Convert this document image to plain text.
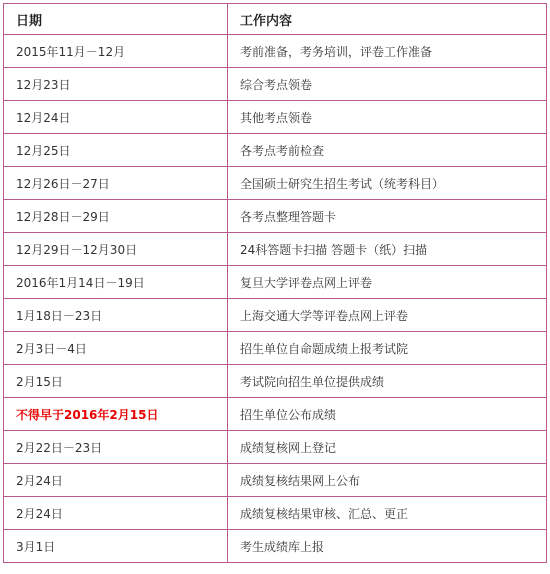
日期	工作内容
2015年11月－12月	考前准备，考务培训，评卷工作准备
12月23日	综合考点领卷
12月24日	其他考点领卷
12月25日	各考点考前检查
12月26日－27日	全国硕士研究生招生考试（统考科目）
12月28日－29日	各考点整理答题卡
12月29日－12月30日	24科答题卡扫描 答题卡（纸）扫描
2016年1月14日－19日	复旦大学评卷点网上评卷
1月18日－23日	上海交通大学等评卷点网上评卷
2月3日－4日	招生单位自命题成绩上报考试院
2月15日	考试院向招生单位提供成绩
不得早于2016年2月15日	招生单位公布成绩
2月22日－23日	成绩复核网上登记
2月24日	成绩复核结果网上公布
2月24日	成绩复核结果审核、汇总、更正
3月1日	考生成绩库上报
